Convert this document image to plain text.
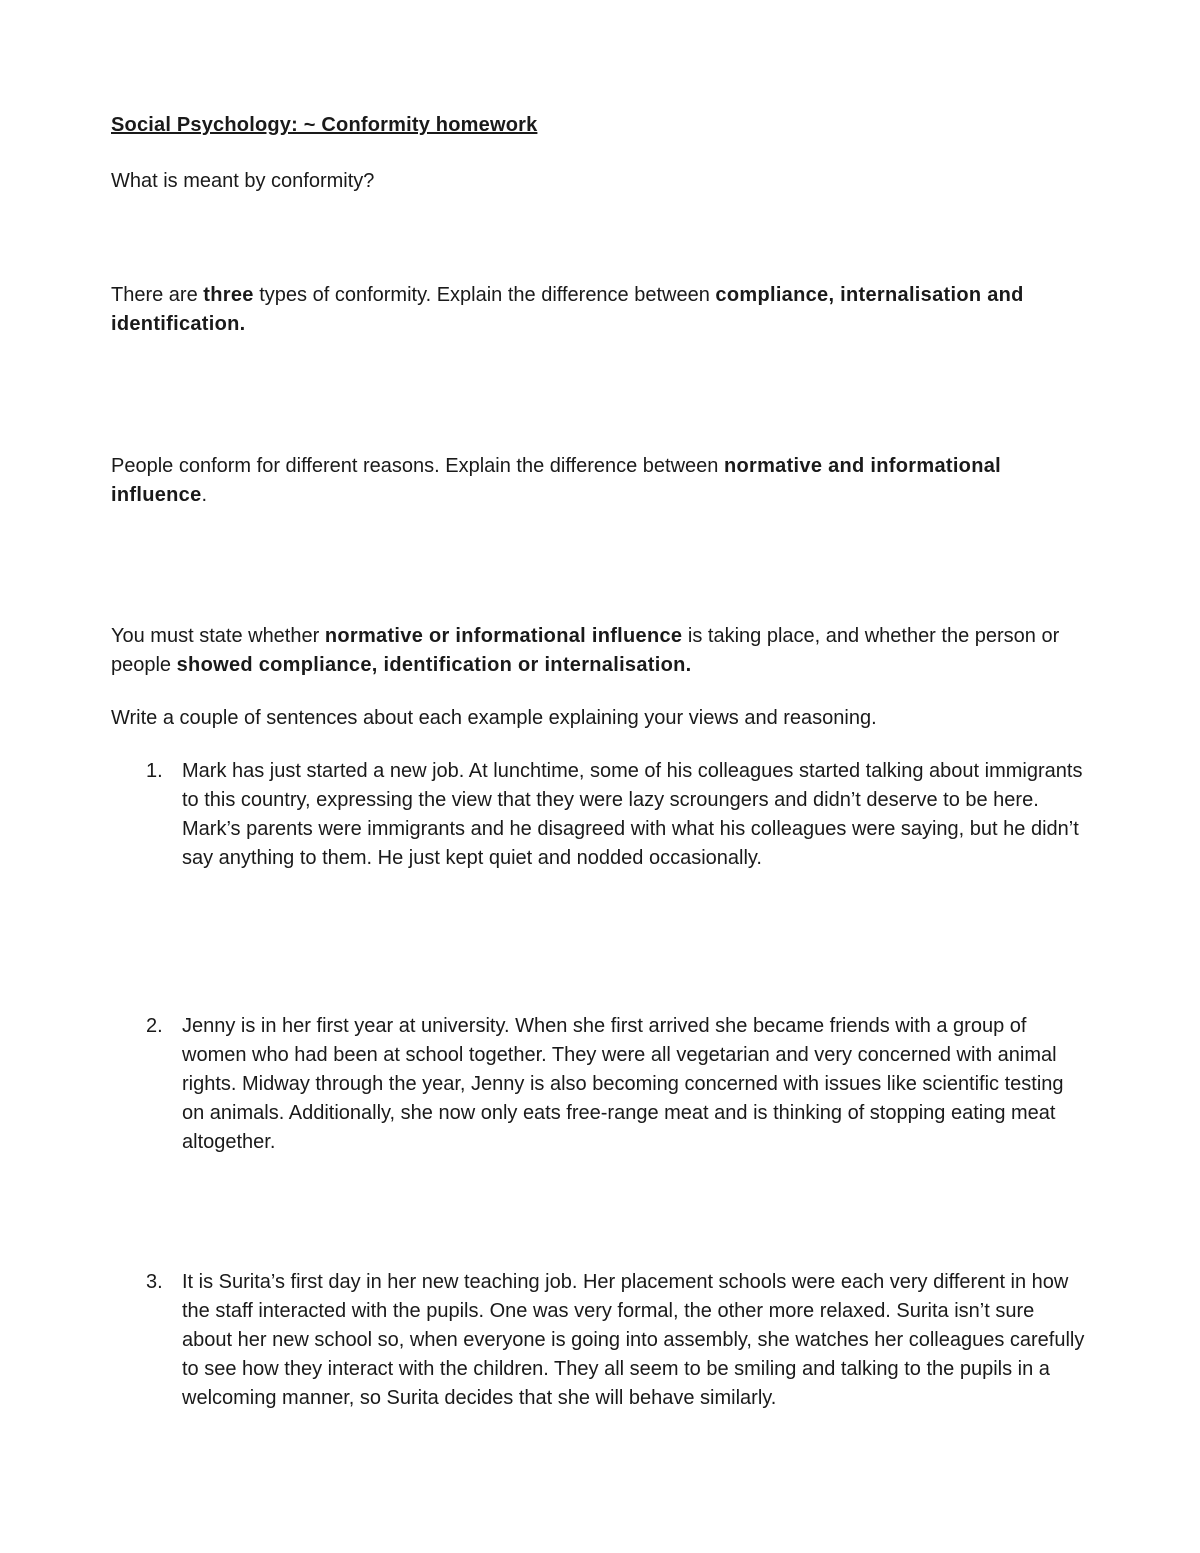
Social Psychology: ~ Conformity homework

What is meant by conformity?

There are three types of conformity. Explain the difference between compliance, internalisation and identification.

People conform for different reasons. Explain the difference between normative and informational influence.

You must state whether normative or informational influence is taking place, and whether the person or people showed compliance, identification or internalisation.

Write a couple of sentences about each example explaining your views and reasoning.

1. Mark has just started a new job. At lunchtime, some of his colleagues started talking about immigrants to this country, expressing the view that they were lazy scroungers and didn’t deserve to be here. Mark’s parents were immigrants and he disagreed with what his colleagues were saying, but he didn’t say anything to them. He just kept quiet and nodded occasionally.
2. Jenny is in her first year at university. When she first arrived she became friends with a group of women who had been at school together. They were all vegetarian and very concerned with animal rights. Midway through the year, Jenny is also becoming concerned with issues like scientific testing on animals. Additionally, she now only eats free-range meat and is thinking of stopping eating meat altogether.
3. It is Surita’s first day in her new teaching job. Her placement schools were each very different in how the staff interacted with the pupils. One was very formal, the other more relaxed. Surita isn’t sure about her new school so, when everyone is going into assembly, she watches her colleagues carefully to see how they interact with the children. They all seem to be smiling and talking to the pupils in a welcoming manner, so Surita decides that she will behave similarly.
